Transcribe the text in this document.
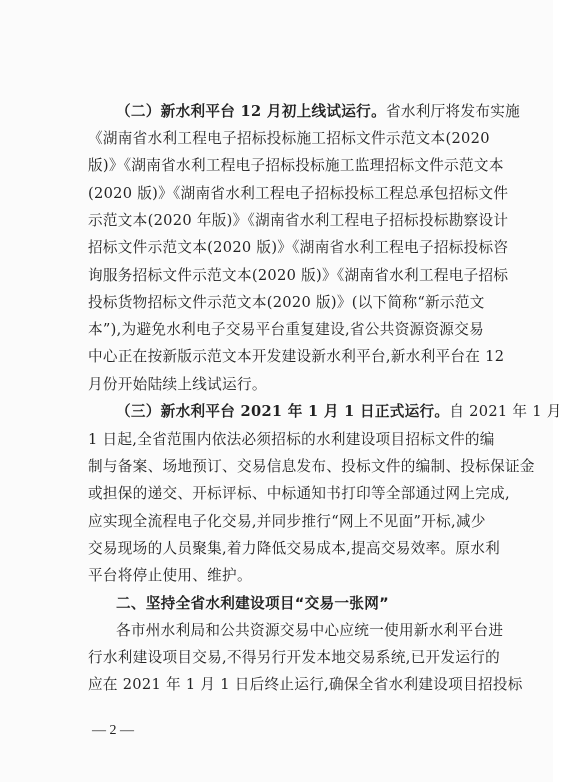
（二）新水利平台 12 月初上线试运行。省水利厅将发布实施
《湖南省水利工程电子招标投标施工招标文件示范文本(2020
版)》《湖南省水利工程电子招标投标施工监理招标文件示范文本
(2020 版)》《湖南省水利工程电子招标投标工程总承包招标文件
示范文本(2020 年版)》《湖南省水利工程电子招标投标勘察设计
招标文件示范文本(2020 版)》《湖南省水利工程电子招标投标咨
询服务招标文件示范文本(2020 版)》《湖南省水利工程电子招标
投标货物招标文件示范文本(2020 版)》(以下简称“新示范文
本”),为避免水利电子交易平台重复建设,省公共资源资源交易
中心正在按新版示范文本开发建设新水利平台,新水利平台在 12
月份开始陆续上线试运行。
（三）新水利平台 2021 年 1 月 1 日正式运行。自 2021 年 1 月
1 日起,全省范围内依法必须招标的水利建设项目招标文件的编
制与备案、场地预订、交易信息发布、投标文件的编制、投标保证金
或担保的递交、开标评标、中标通知书打印等全部通过网上完成,
应实现全流程电子化交易,并同步推行“网上不见面”开标,减少
交易现场的人员聚集,着力降低交易成本,提高交易效率。原水利
平台将停止使用、维护。
二、坚持全省水利建设项目“交易一张网”
各市州水利局和公共资源交易中心应统一使用新水利平台进
行水利建设项目交易,不得另行开发本地交易系统,已开发运行的
应在 2021 年 1 月 1 日后终止运行,确保全省水利建设项目招投标
— 2 —
